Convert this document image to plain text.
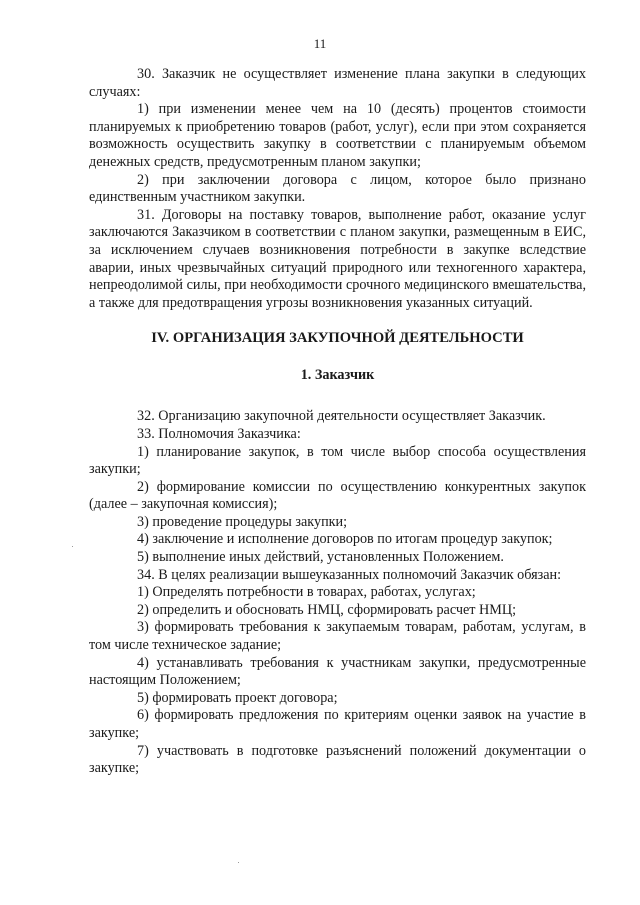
11

30. Заказчик не осуществляет изменение плана закупки в следующих случаях:

1) при изменении менее чем на 10 (десять) процентов стоимости планируемых к приобретению товаров (работ, услуг), если при этом сохраняется возможность осуществить закупку в соответствии с планируемым объемом денежных средств, предусмотренным планом закупки;

2) при заключении договора с лицом, которое было признано единственным участником закупки.

31. Договоры на поставку товаров, выполнение работ, оказание услуг заключаются Заказчиком в соответствии с планом закупки, размещенным в ЕИС, за исключением случаев возникновения потребности в закупке вследствие аварии, иных чрезвычайных ситуаций природного или техногенного характера, непреодолимой силы, при необходимости срочного медицинского вмешательства, а также для предотвращения угрозы возникновения указанных ситуаций.

IV. ОРГАНИЗАЦИЯ ЗАКУПОЧНОЙ ДЕЯТЕЛЬНОСТИ
1. Заказчик

32. Организацию закупочной деятельности осуществляет Заказчик.

33. Полномочия Заказчика:

1) планирование закупок, в том числе выбор способа осуществления закупки;

2) формирование комиссии по осуществлению конкурентных закупок (далее – закупочная комиссия);

3) проведение процедуры закупки;

4) заключение и исполнение договоров по итогам процедур закупок;

5) выполнение иных действий, установленных Положением.

34. В целях реализации вышеуказанных полномочий Заказчик обязан:

1) Определять потребности в товарах, работах, услугах;

2) определить и обосновать НМЦ, сформировать расчет НМЦ;

3) формировать требования к закупаемым товарам, работам, услугам, в том числе техническое задание;

4) устанавливать требования к участникам закупки, предусмотренные настоящим Положением;

5) формировать проект договора;

6) формировать предложения по критериям оценки заявок на участие в закупке;

7) участвовать в подготовке разъяснений положений документации о закупке;
